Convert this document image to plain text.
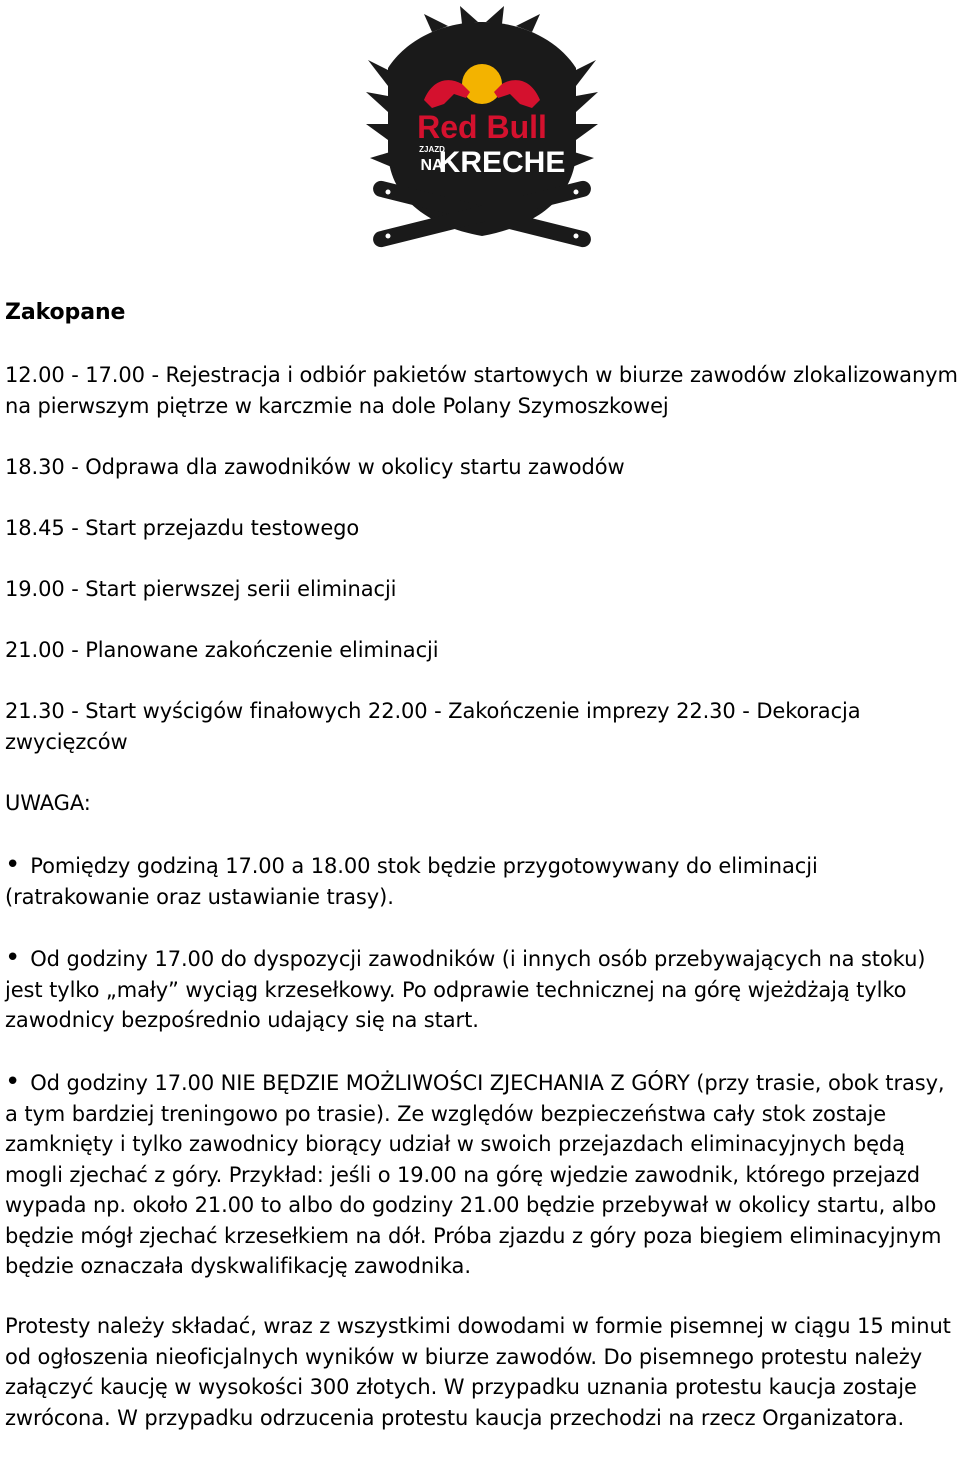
Red Bull
ZJAZD
NA
KRECHE
Zakopane

12.00 - 17.00 - Rejestracja i odbiór pakietów startowych w biurze zawodów zlokalizowanym na pierwszym piętrze w karczmie na dole Polany Szymoszkowej

18.30 - Odprawa dla zawodników w okolicy startu zawodów

18.45 - Start przejazdu testowego

19.00 - Start pierwszej serii eliminacji

21.00 - Planowane zakończenie eliminacji

21.30 - Start wyścigów finałowych 22.00 - Zakończenie imprezy 22.30 - Dekoracja zwycięzców

UWAGA:

• Pomiędzy godziną 17.00 a 18.00 stok będzie przygotowywany do eliminacji (ratrakowanie oraz ustawianie trasy).

• Od godziny 17.00 do dyspozycji zawodników (i innych osób przebywających na stoku) jest tylko „mały” wyciąg krzesełkowy. Po odprawie technicznej na górę wjeżdżają tylko zawodnicy bezpośrednio udający się na start.

• Od godziny 17.00 NIE BĘDZIE MOŻLIWOŚCI ZJECHANIA Z GÓRY (przy trasie, obok trasy, a tym bardziej treningowo po trasie). Ze względów bezpieczeństwa cały stok zostaje zamknięty i tylko zawodnicy biorący udział w swoich przejazdach eliminacyjnych będą mogli zjechać z góry. Przykład: jeśli o 19.00 na górę wjedzie zawodnik, którego przejazd wypada np. około 21.00 to albo do godziny 21.00 będzie przebywał w okolicy startu, albo będzie mógł zjechać krzesełkiem na dół. Próba zjazdu z góry poza biegiem eliminacyjnym będzie oznaczała dyskwalifikację zawodnika.

Protesty należy składać, wraz z wszystkimi dowodami w formie pisemnej w ciągu 15 minut od ogłoszenia nieoficjalnych wyników w biurze zawodów. Do pisemnego protestu należy załączyć kaucję w wysokości 300 złotych. W przypadku uznania protestu kaucja zostaje zwrócona. W przypadku odrzucenia protestu kaucja przechodzi na rzecz Organizatora.
